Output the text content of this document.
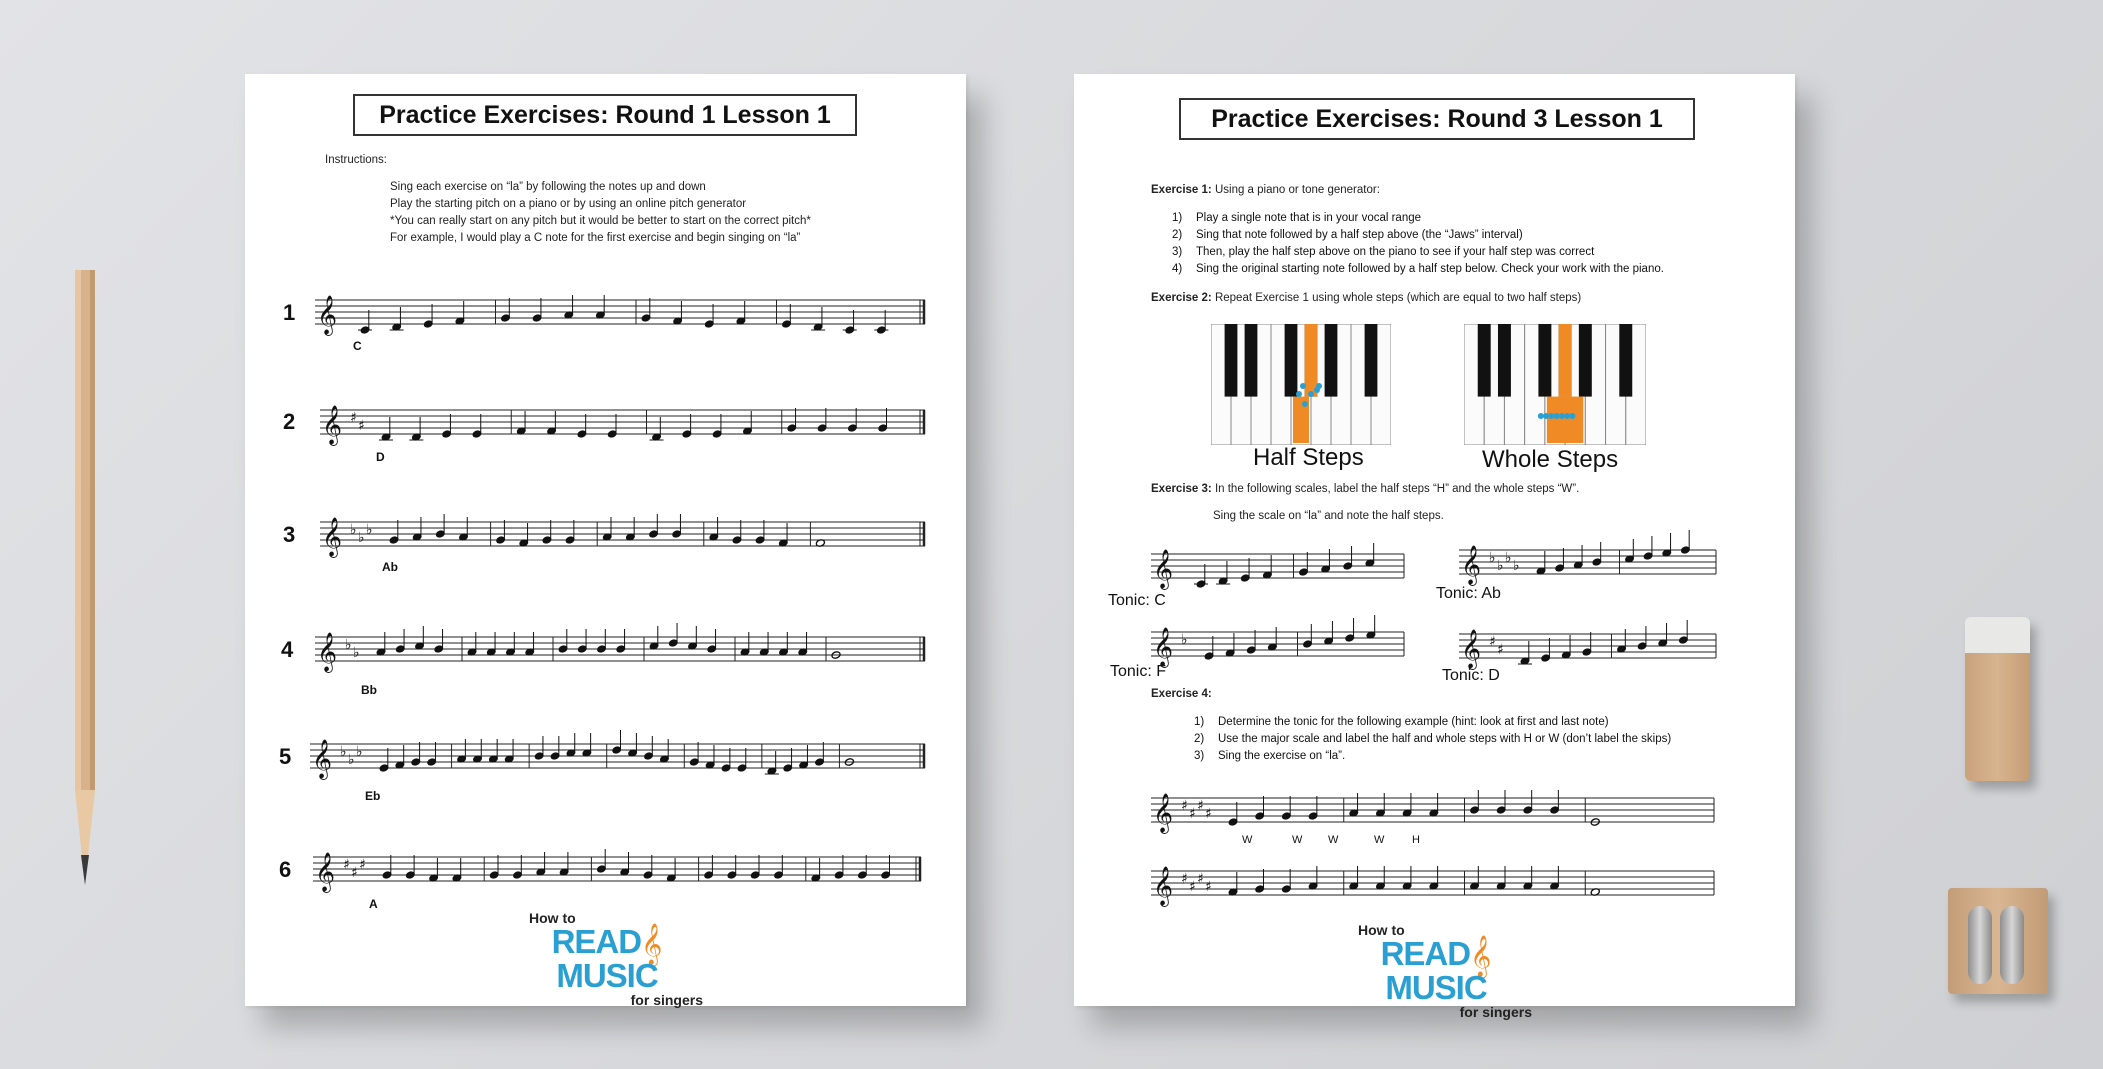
Practice Exercises: Round 1 Lesson 1
Instructions:
Sing each exercise on “la” by following the notes up and down
Play the starting pitch on a piano or by using an online pitch generator
*You can really start on any pitch but it would be better to start on the correct pitch*
For example, I would play a C note for the first exercise and begin singing on “la”
1
C
2
D
3
Ab
4
Bb
5
Eb
6
A
𝄞
𝄞 ♯ ♯
𝄞 ♭ ♭ ♭
𝄞 ♭ ♭
𝄞 ♭ ♭ ♭
𝄞 ♯ ♯ ♯
How to
READ𝄞MUSIC
for singers
Practice Exercises: Round 3 Lesson 1
Exercise 1: Using a piano or tone generator:
1) Play a single note that is in your vocal range
2) Sing that note followed by a half step above (the “Jaws” interval)
3) Then, play the half step above on the piano to see if your half step was correct
4) Sing the original starting note followed by a half step below. Check your work with the piano.
Exercise 2: Repeat Exercise 1 using whole steps (which are equal to two half steps)
Half Steps	Whole Steps
Exercise 3: In the following scales, label the half steps “H” and the whole steps “W”.
Sing the scale on “la” and note the half steps.
Tonic: C	Tonic: Ab
Tonic: F	Tonic: D
Exercise 4:
1) Determine the tonic for the following example (hint: look at first and last note)
2) Use the major scale and label the half and whole steps with H or W (don’t label the skips)
3) Sing the exercise on “la”.
W	W W	W	H
𝄞	𝄞 ♭ ♭ ♭ ♭
𝄞 ♭	𝄞 ♯ ♯
𝄞 ♯ ♯ ♯ ♯
𝄞 ♯ ♯ ♯ ♯
How to
READ𝄞MUSIC
for singers
